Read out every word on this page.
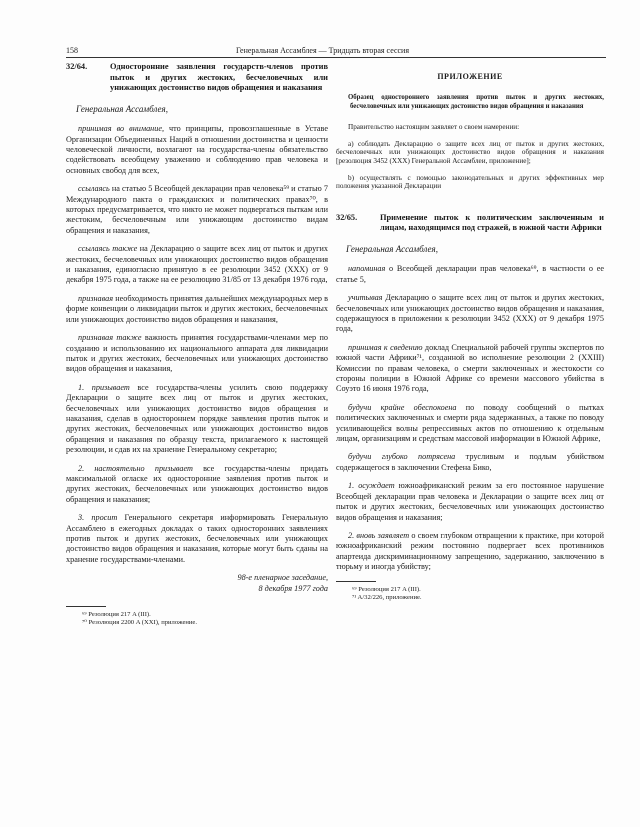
158	Генеральная Ассамблея — Тридцать вторая сессия
32/64.	Односторонние заявления государств-членов против пыток и других жестоких, бесчеловечных или унижающих достоинство видов обращения и наказания
Генеральная Ассамблея,

принимая во внимание, что принципы, провозглашенные в Уставе Организации Объединенных Наций в отношении достоинства и ценности человеческой личности, возлагают на государства-члены обязательство содействовать всеобщему уважению и соблюдению прав человека и основных свобод для всех,

ссылаясь на статью 5 Всеобщей декларации прав человека⁵⁹ и статью 7 Международного пакта о гражданских и политических правах⁷⁰, в которых предусматривается, что никто не может подвергаться пыткам или жестоким, бесчеловечным или унижающим достоинство видам обращения и наказания,

ссылаясь также на Декларацию о защите всех лиц от пыток и других жестоких, бесчеловечных или унижающих достоинство видов обращения и наказания, единогласно принятую в ее резолюции 3452 (XXX) от 9 декабря 1975 года, а также на ее резолюцию 31/85 от 13 декабря 1976 года,

признавая необходимость принятия дальнейших международных мер в форме конвенции о ликвидации пыток и других жестоких, бесчеловечных или унижающих достоинство видов обращения и наказания,

признавая также важность принятия государствами-членами мер по созданию и использованию их национального аппарата для ликвидации пыток и других жестоких, бесчеловечных или унижающих достоинство видов обращения и наказания,

1. призывает все государства-члены усилить свою поддержку Декларации о защите всех лиц от пыток и других жестоких, бесчеловечных или унижающих достоинство видов обращения и наказания, сделав в одностороннем порядке заявления против пыток и других жестоких, бесчеловечных или унижающих достоинство видов обращения и наказания по образцу текста, прилагаемого к настоящей резолюции, и сдав их на хранение Генеральному секретарю;

2. настоятельно призывает все государства-члены придать максимальной огласке их односторонние заявления против пыток и других жестоких, бесчеловечных или унижающих достоинство видов обращения и наказания;

3. просит Генерального секретаря информировать Генеральную Ассамблею в ежегодных докладах о таких односторонних заявлениях против пыток и других жестоких, бесчеловечных или унижающих достоинство видов обращения и наказания, которые могут быть сданы на хранение государствами-членами.

98-е пленарное заседание,
8 декабря 1977 года
⁶⁹ Резолюция 217 A (III).
⁷⁰ Резолюция 2200 A (XXI), приложение.
ПРИЛОЖЕНИЕ
Образец одностороннего заявления против пыток и других жестоких, бесчеловечных или унижающих достоинство видов обращения и наказания

Правительство настоящим заявляет о своем намерении:

а) соблюдать Декларацию о защите всех лиц от пыток и других жестоких, бесчеловечных или унижающих достоинство видов обращения и наказания [резолюция 3452 (XXX) Генеральной Ассамблеи, приложение];

b) осуществлять с помощью законодательных и других эффективных мер положения указанной Декларации

32/65.	Применение пыток к политическим заключенным и лицам, находящимся под стражей, в южной части Африки
Генеральная Ассамблея,

напоминая о Всеобщей декларации прав человека⁶⁹, в частности о ее статье 5,

учитывая Декларацию о защите всех лиц от пыток и других жестоких, бесчеловечных или унижающих достоинство видов обращения и наказания, содержащуюся в приложении к резолюции 3452 (XXX) от 9 декабря 1975 года,

принимая к сведению доклад Специальной рабочей группы экспертов по южной части Африки⁷¹, созданной во исполнение резолюции 2 (XXIII) Комиссии по правам человека, о смерти заключенных и жестокости со стороны полиции в Южной Африке со времени массового убийства в Соуэто 16 июня 1976 года,

будучи крайне обеспокоена по поводу сообщений о пытках политических заключенных и смерти ряда задержанных, а также по поводу усиливающейся волны репрессивных актов по отношению к отдельным лицам, организациям и средствам массовой информации в Южной Африке,

будучи глубоко потрясена трусливым и подлым убийством содержащегося в заключении Стефена Бико,

1. осуждает южноафриканский режим за его постоянное нарушение Всеобщей декларации прав человека и Декларации о защите всех лиц от пыток и других жестоких, бесчеловечных или унижающих достоинство видов обращения и наказания;

2. вновь заявляет о своем глубоком отвращении к практике, при которой южноафриканский режим постоянно подвергает всех противников апартеида дискриминационному запрещению, задержанию, заключению в тюрьму и иногда убийству;

⁶⁹ Резолюция 217 A (III).
⁷¹ A/32/226, приложение.
